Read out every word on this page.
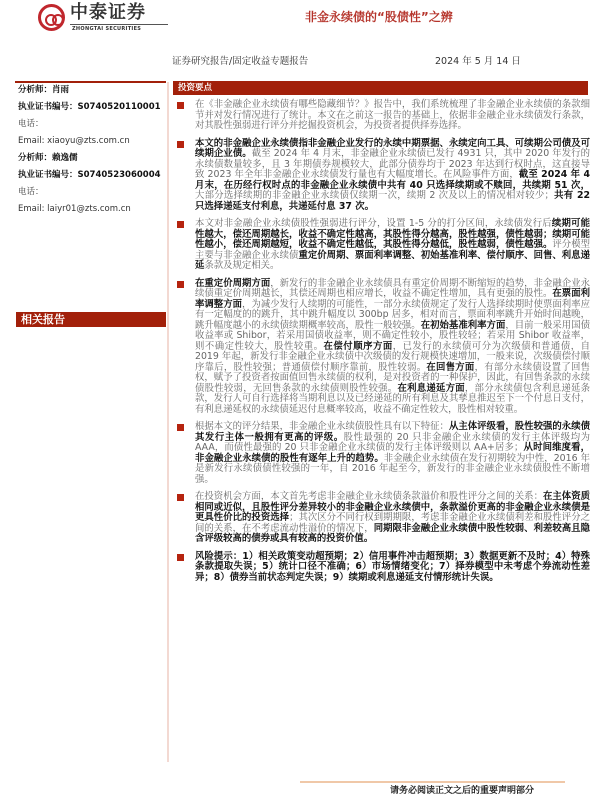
中泰证券
ZHONGTAI SECURITIES
非金永续债的“股债性”之辨
证券研究报告/固定收益专题报告	2024 年 5 月 14 日
分析师：肖雨
执业证书编号：S0740520110001
电话：
Email: xiaoyu@zts.com.cn
分析师：赖逸儒
执业证书编号：S0740523060004
电话：
Email: laiyr01@zts.com.cn
相关报告
投资要点
在《非金融企业永续债有哪些隐藏细节？》报告中，我们系统梳理了非金融企业永续债的条款细节并对发行情况进行了统计。本文在之前这一报告的基础上，依据非金融企业永续债发行条款，对其股性强弱进行评分并挖掘投资机会，为投资者提供择券选择。
本文的非金融企业永续债指非金融企业发行的永续中期票据、永续定向工具、可续期公司债及可续期企业债。截至 2024 年 4 月末，非金融企业永续债已发行 4931 只，其中 2020 年发行的永续债数量较多，且 3 年期债券规模较大，此部分债券均于 2023 年达到行权时点，这直接导致 2023 年全年非金融企业永续债发行量也有大幅度增长。在风险事件方面，截至 2024 年 4 月末，在历经行权时点的非金融企业永续债中共有 40 只选择续期或不赎回，共续期 51 次，大部分选择续期的非金融企业永续债仅续期一次，续期 2 次及以上的情况相对较少；共有 22 只选择递延支付利息，共递延付息 37 次。
本文对非金融企业永续债股性强弱进行评分，设置 1-5 分的打分区间，永续债发行后续期可能性越大，偿还周期越长，收益不确定性越高，其股性得分越高，股性越强，债性越弱；续期可能性越小，偿还周期越短，收益不确定性越低，其股性得分越低，股性越弱，债性越强。评分模型主要与非金融企业永续债重定价周期、票面利率调整、初始基准利率、偿付顺序、回售、利息递延条款及规定相关。
在重定价周期方面，新发行的非金融企业永续债具有重定价周期不断缩短的趋势，非金融企业永续债重定价周期越长，其偿还周期也相应增长，收益不确定性增加，具有更强的股性。在票面利率调整方面，为减少发行人续期的可能性，一部分永续债规定了发行人选择续期时使票面利率应有一定幅度的的跳升，其中跳升幅度以 300bp 居多，相对而言，票面利率跳升开始时间越晚，跳升幅度越小的永续债续期概率较高，股性一般较强。在初始基准利率方面，目前一般采用国债收益率或 Shibor，若采用国债收益率，则不确定性较小，股性较轻；若采用 Shibor 收益率，则不确定性较大，股性较重。在偿付顺序方面，已发行的永续债可分为次级债和普通债，自 2019 年起，新发行非金融企业永续债中次级债的发行规模快速增加，一般来说，次级债偿付顺序靠后，股性较强；普通债偿付顺序靠前，股性较弱。在回售方面，有部分永续债设置了回售权，赋予了投资者按面值回售永续债的权利，是对投资者的一种保护，因此，有回售条款的永续债股性较弱，无回售条款的永续债则股性较强。在利息递延方面，部分永续债包含利息递延条款，发行人可自行选择将当期利息以及已经递延的所有利息及其孳息推迟至下一个付息日支付，有利息递延权的永续债延迟付息概率较高，收益不确定性较大，股性相对较重。
根据本文的评分结果，非金融企业永续债股性具有以下特征：从主体评级看，股性较强的永续债其发行主体一般拥有更高的评级。股性最强的 20 只非金融企业永续债的发行主体评级均为 AAA，而债性最强的 20 只非金融企业永续债的发行主体评级则以 AA+居多；从时间维度看，非金融企业永续债的股性有逐年上升的趋势。非金融企业永续债在发行初期较为中性，2016 年是新发行永续债债性较强的一年，自 2016 年起至今，新发行的非金融企业永续债股性不断增强。
在投资机会方面，本文首先考虑非金融企业永续债条款溢价和股性评分之间的关系：在主体资质相同或近似，且股性评分差异较小的非金融企业永续债中，条款溢价更高的非金融企业永续债是更具性价比的投资选择；其次区分不同行权到期期限，考虑非金融企业永续债利差和股性评分之间的关系，在不考虑流动性溢价的情况下，同期限非金融企业永续债中股性较弱、利差较高且隐含评级较高的债券或具有较高的投资价值。
风险提示：1）相关政策变动超预期；2）信用事件冲击超预期；3）数据更新不及时；4）特殊条款提取失误；5）统计口径不准确；6）市场情绪变化；7）择券模型中未考虑个券流动性差异；8）债券当前状态判定失误；9）续期或利息递延支付情形统计失误。
请务必阅读正文之后的重要声明部分
